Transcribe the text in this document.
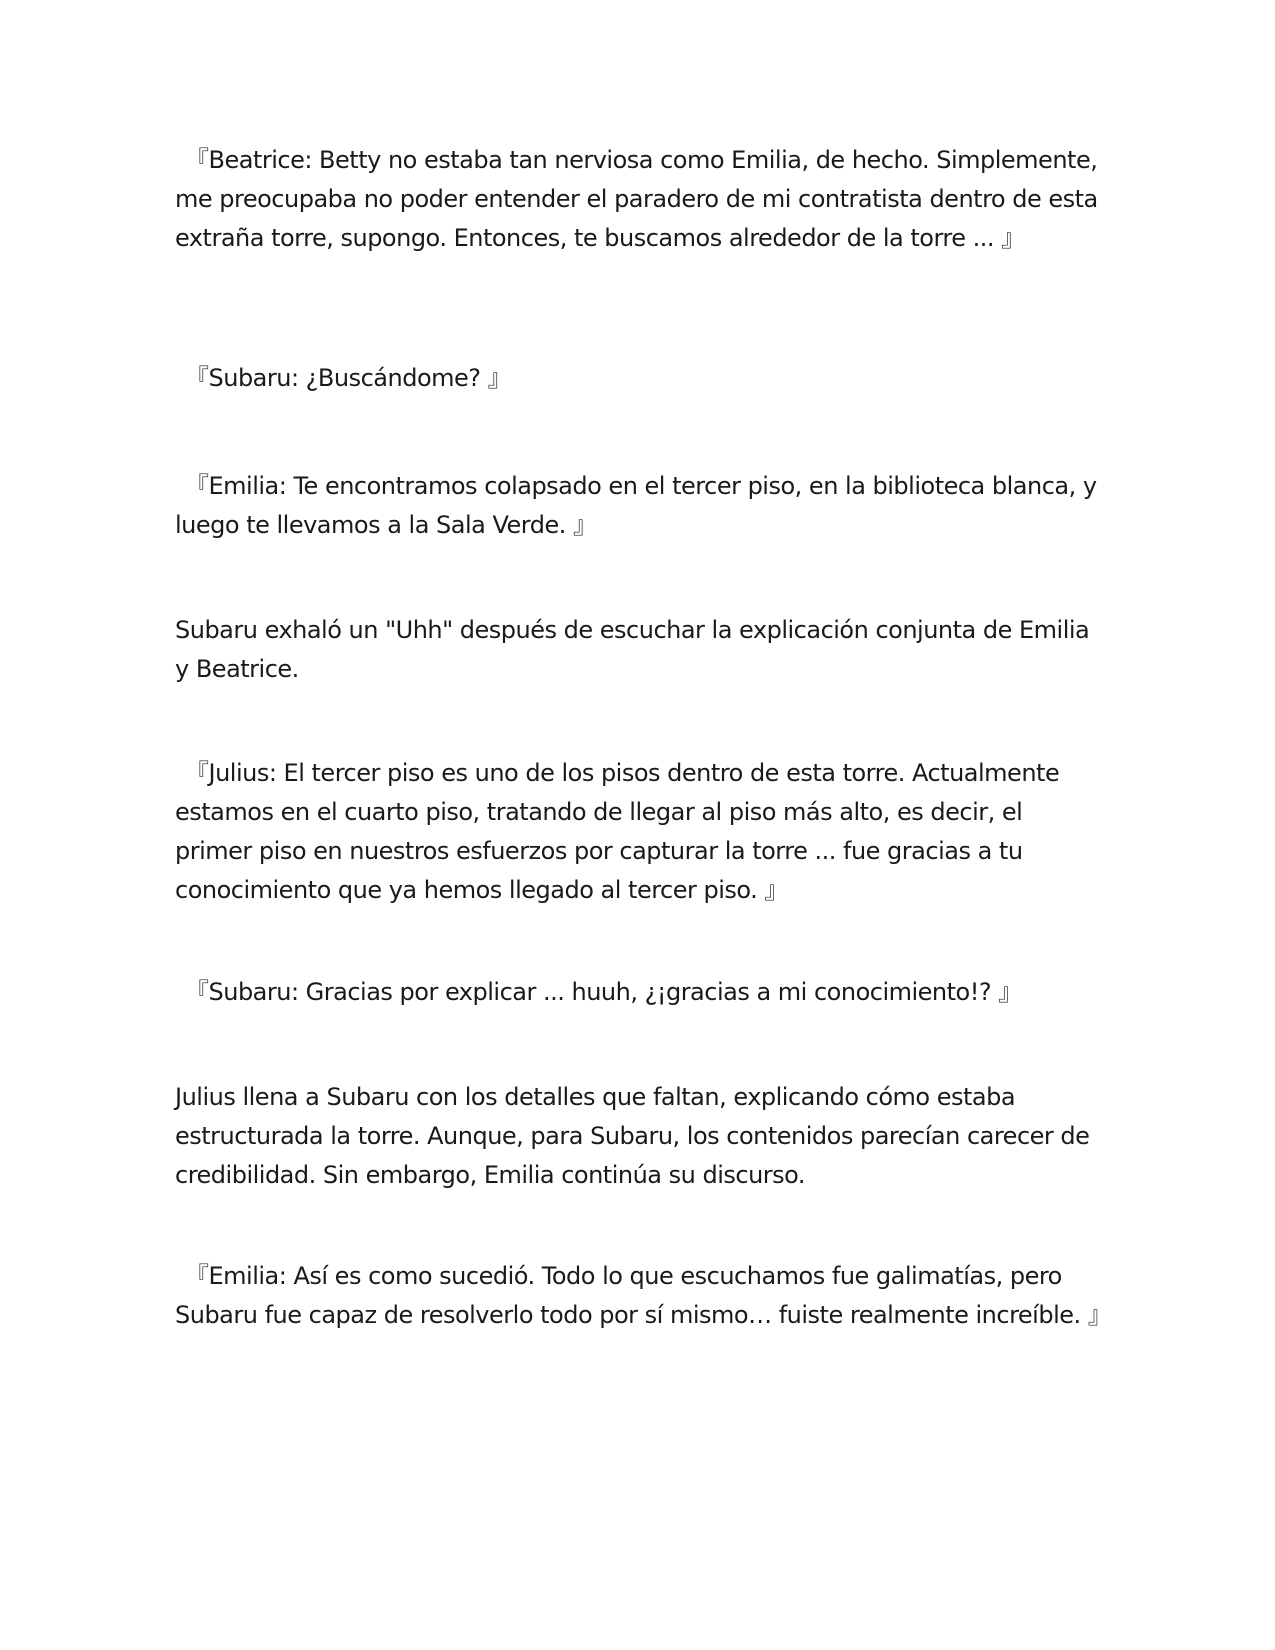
『Beatrice: Betty no estaba tan nerviosa como Emilia, de hecho. Simplemente, me preocupaba no poder entender el paradero de mi contratista dentro de esta extraña torre, supongo. Entonces, te buscamos alrededor de la torre ... 』

『Subaru: ¿Buscándome? 』

『Emilia: Te encontramos colapsado en el tercer piso, en la biblioteca blanca, y luego te llevamos a la Sala Verde. 』

Subaru exhaló un "Uhh" después de escuchar la explicación conjunta de Emilia y Beatrice.

『Julius: El tercer piso es uno de los pisos dentro de esta torre. Actualmente estamos en el cuarto piso, tratando de llegar al piso más alto, es decir, el primer piso en nuestros esfuerzos por capturar la torre ... fue gracias a tu conocimiento que ya hemos llegado al tercer piso. 』

『Subaru: Gracias por explicar ... huuh, ¿¡gracias a mi conocimiento!? 』

Julius llena a Subaru con los detalles que faltan, explicando cómo estaba estructurada la torre. Aunque, para Subaru, los contenidos parecían carecer de credibilidad. Sin embargo, Emilia continúa su discurso.

『Emilia: Así es como sucedió. Todo lo que escuchamos fue galimatías, pero Subaru fue capaz de resolverlo todo por sí mismo… fuiste realmente increíble. 』
